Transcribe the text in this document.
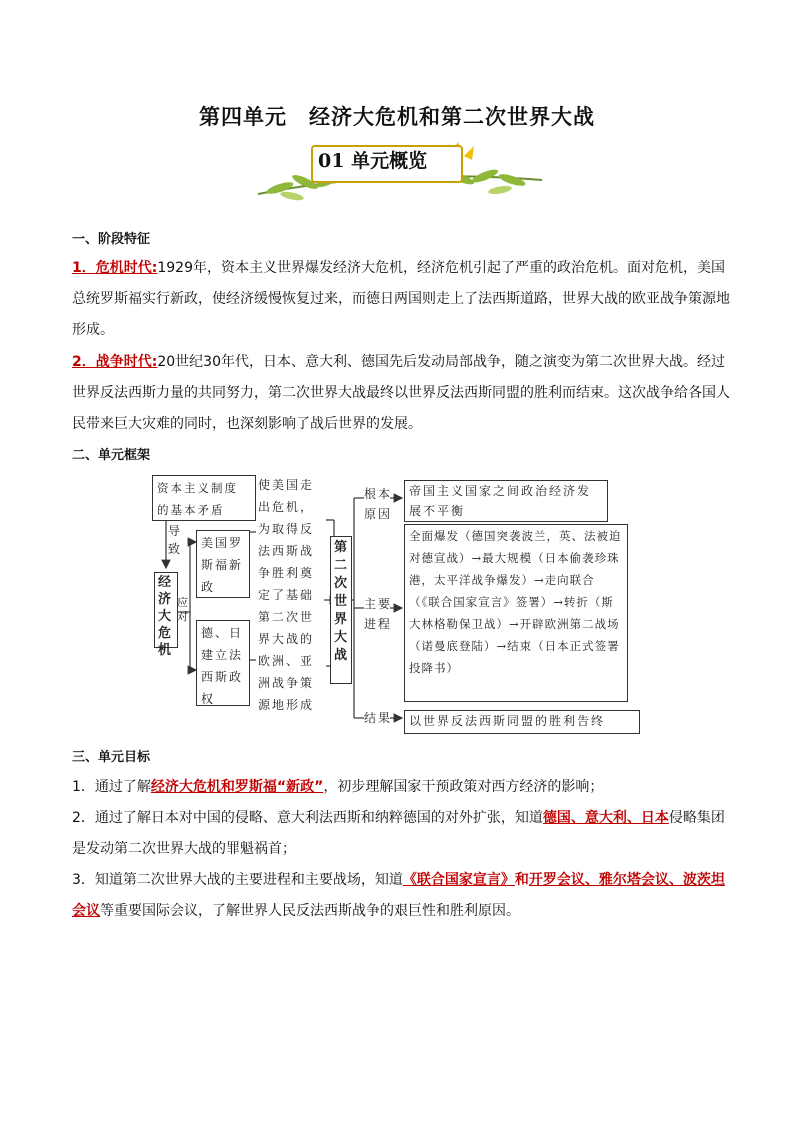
第四单元 经济大危机和第二次世界大战
01 单元概览
一、阶段特征
1．危机时代:1929年，资本主义世界爆发经济大危机，经济危机引起了严重的政治危机。面对危机，美国总统罗斯福实行新政，使经济缓慢恢复过来，而德日两国则走上了法西斯道路，世界大战的欧亚战争策源地形成。
2．战争时代:20世纪30年代，日本、意大利、德国先后发动局部战争，随之演变为第二次世界大战。经过世界反法西斯力量的共同努力，第二次世界大战最终以世界反法西斯同盟的胜利而结束。这次战争给各国人民带来巨大灾难的同时，也深刻影响了战后世界的发展。
二、单元框架
资本主义制度的基本矛盾
导致
经济大危机
应对
美国罗斯福新政
德、日建立法西斯政权
使美国走出危机，为取得反法西斯战争胜利奠定了基础第二次世界大战的欧洲、亚洲战争策源地形成
第二次世界大战
根本原因
帝国主义国家之间政治经济发展不平衡
主要进程
全面爆发（德国突袭波兰，英、法被迫对德宣战）→最大规模（日本偷袭珍珠港，太平洋战争爆发）→走向联合（《联合国家宣言》签署）→转折（斯大林格勒保卫战）→开辟欧洲第二战场（诺曼底登陆）→结束（日本正式签署投降书）
结果	以世界反法西斯同盟的胜利告终
三、单元目标
1．通过了解经济大危机和罗斯福“新政”，初步理解国家干预政策对西方经济的影响；
2．通过了解日本对中国的侵略、意大利法西斯和纳粹德国的对外扩张，知道德国、意大利、日本侵略集团是发动第二次世界大战的罪魁祸首；
3．知道第二次世界大战的主要进程和主要战场，知道《联合国家宣言》和开罗会议、雅尔塔会议、波茨坦会议等重要国际会议，了解世界人民反法西斯战争的艰巨性和胜利原因。
